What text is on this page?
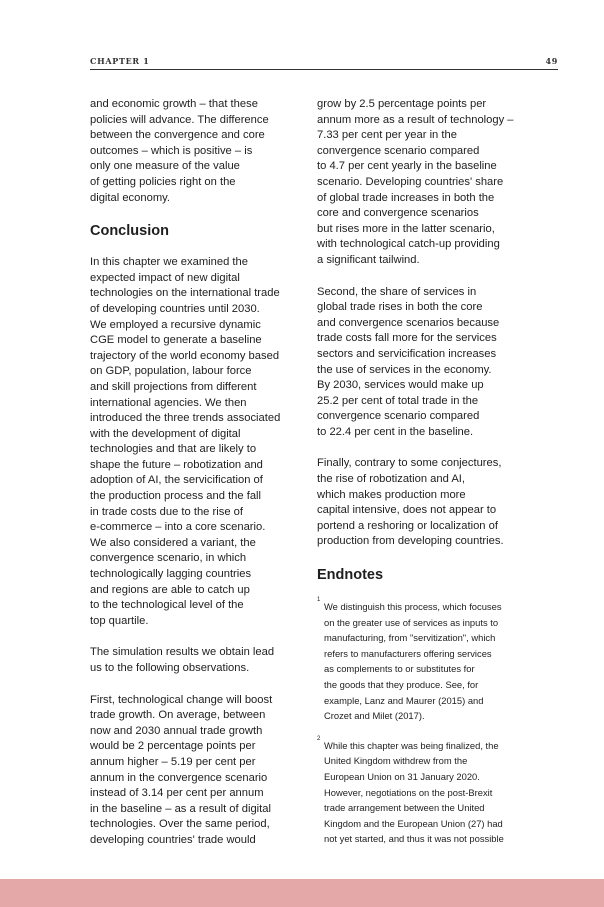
CHAPTER 1	49

and economic growth – that these
policies will advance. The difference
between the convergence and core
outcomes – which is positive – is
only one measure of the value
of getting policies right on the
digital economy.

Conclusion

In this chapter we examined the
expected impact of new digital
technologies on the international trade
of developing countries until 2030.
We employed a recursive dynamic
CGE model to generate a baseline
trajectory of the world economy based
on GDP, population, labour force
and skill projections from different
international agencies. We then
introduced the three trends associated
with the development of digital
technologies and that are likely to
shape the future – robotization and
adoption of AI, the servicification of
the production process and the fall
in trade costs due to the rise of
e-commerce – into a core scenario.
We also considered a variant, the
convergence scenario, in which
technologically lagging countries
and regions are able to catch up
to the technological level of the
top quartile.

The simulation results we obtain lead
us to the following observations.

First, technological change will boost
trade growth. On average, between
now and 2030 annual trade growth
would be 2 percentage points per
annum higher – 5.19 per cent per
annum in the convergence scenario
instead of 3.14 per cent per annum
in the baseline – as a result of digital
technologies. Over the same period,
developing countries' trade would

grow by 2.5 percentage points per
annum more as a result of technology –
7.33 per cent per year in the
convergence scenario compared
to 4.7 per cent yearly in the baseline
scenario. Developing countries' share
of global trade increases in both the
core and convergence scenarios
but rises more in the latter scenario,
with technological catch-up providing
a significant tailwind.

Second, the share of services in
global trade rises in both the core
and convergence scenarios because
trade costs fall more for the services
sectors and servicification increases
the use of services in the economy.
By 2030, services would make up
25.2 per cent of total trade in the
convergence scenario compared
to 22.4 per cent in the baseline.

Finally, contrary to some conjectures,
the rise of robotization and AI,
which makes production more
capital intensive, does not appear to
portend a reshoring or localization of
production from developing countries.

Endnotes
1
We distinguish this process, which focuses
on the greater use of services as inputs to
manufacturing, from "servitization", which
refers to manufacturers offering services
as complements to or substitutes for
the goods that they produce. See, for
example, Lanz and Maurer (2015) and
Crozet and Milet (2017).
2
While this chapter was being finalized, the
United Kingdom withdrew from the
European Union on 31 January 2020.
However, negotiations on the post-Brexit
trade arrangement between the United
Kingdom and the European Union (27) had
not yet started, and thus it was not possible
